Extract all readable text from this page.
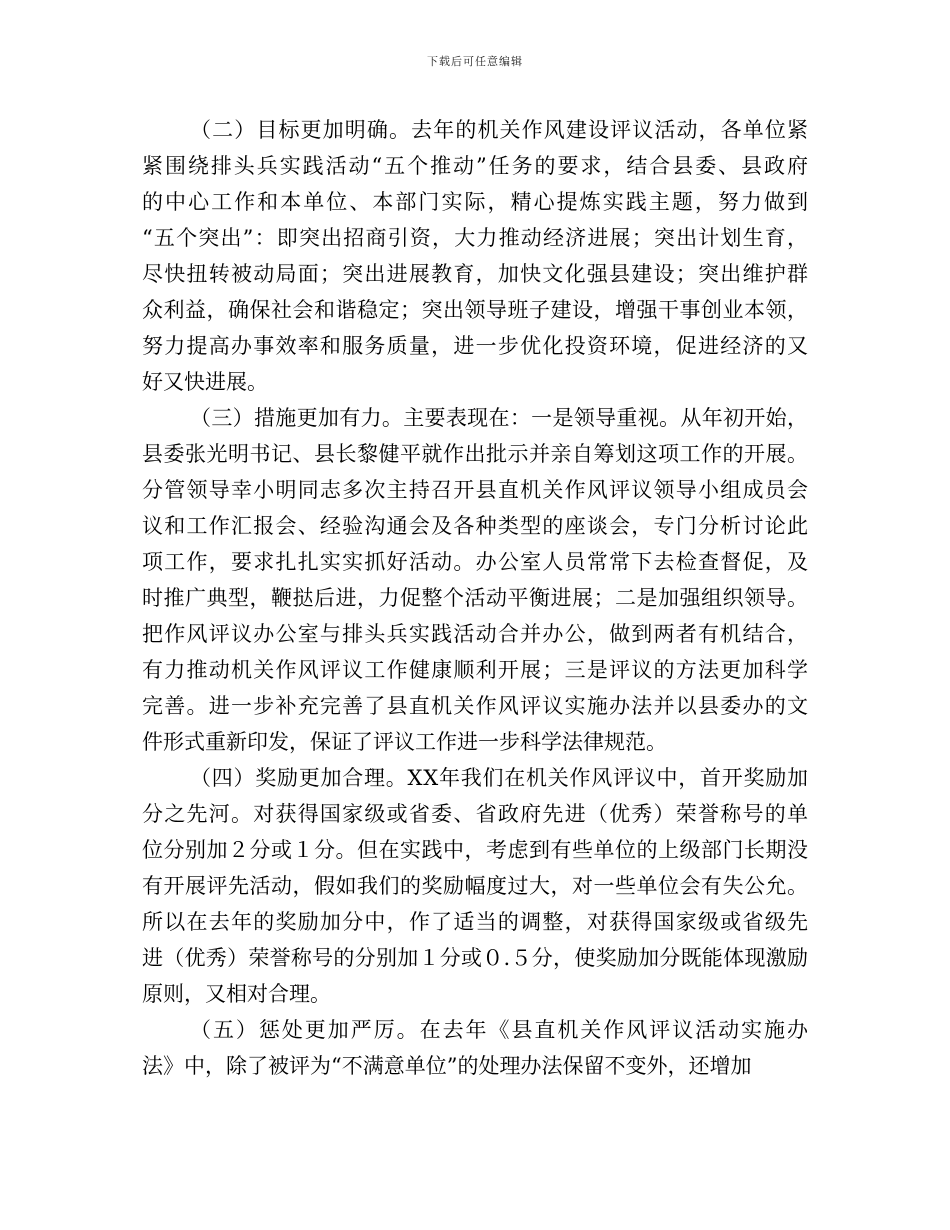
下载后可任意编辑
（二）目标更加明确。去年的机关作风建设评议活动，各单位紧
紧围绕排头兵实践活动“五个推动”任务的要求，结合县委、县政府
的中心工作和本单位、本部门实际，精心提炼实践主题，努力做到
“五个突出”：即突出招商引资，大力推动经济进展；突出计划生育，
尽快扭转被动局面；突出进展教育，加快文化强县建设；突出维护群
众利益，确保社会和谐稳定；突出领导班子建设，增强干事创业本领，
努力提高办事效率和服务质量，进一步优化投资环境，促进经济的又
好又快进展。
（三）措施更加有力。主要表现在：一是领导重视。从年初开始，
县委张光明书记、县长黎健平就作出批示并亲自筹划这项工作的开展。
分管领导幸小明同志多次主持召开县直机关作风评议领导小组成员会
议和工作汇报会、经验沟通会及各种类型的座谈会，专门分析讨论此
项工作，要求扎扎实实抓好活动。办公室人员常常下去检查督促，及
时推广典型，鞭挞后进，力促整个活动平衡进展；二是加强组织领导。
把作风评议办公室与排头兵实践活动合并办公，做到两者有机结合，
有力推动机关作风评议工作健康顺利开展；三是评议的方法更加科学
完善。进一步补充完善了县直机关作风评议实施办法并以县委办的文
件形式重新印发，保证了评议工作进一步科学法律规范。
（四）奖励更加合理。XX年我们在机关作风评议中，首开奖励加
分之先河。对获得国家级或省委、省政府先进（优秀）荣誉称号的单
位分别加２分或１分。但在实践中，考虑到有些单位的上级部门长期没
有开展评先活动，假如我们的奖励幅度过大，对一些单位会有失公允。
所以在去年的奖励加分中，作了适当的调整，对获得国家级或省级先
进（优秀）荣誉称号的分别加１分或０.５分，使奖励加分既能体现激励
原则，又相对合理。
（五）惩处更加严厉。在去年《县直机关作风评议活动实施办
法》中，除了被评为“不满意单位”的处理办法保留不变外，还增加
